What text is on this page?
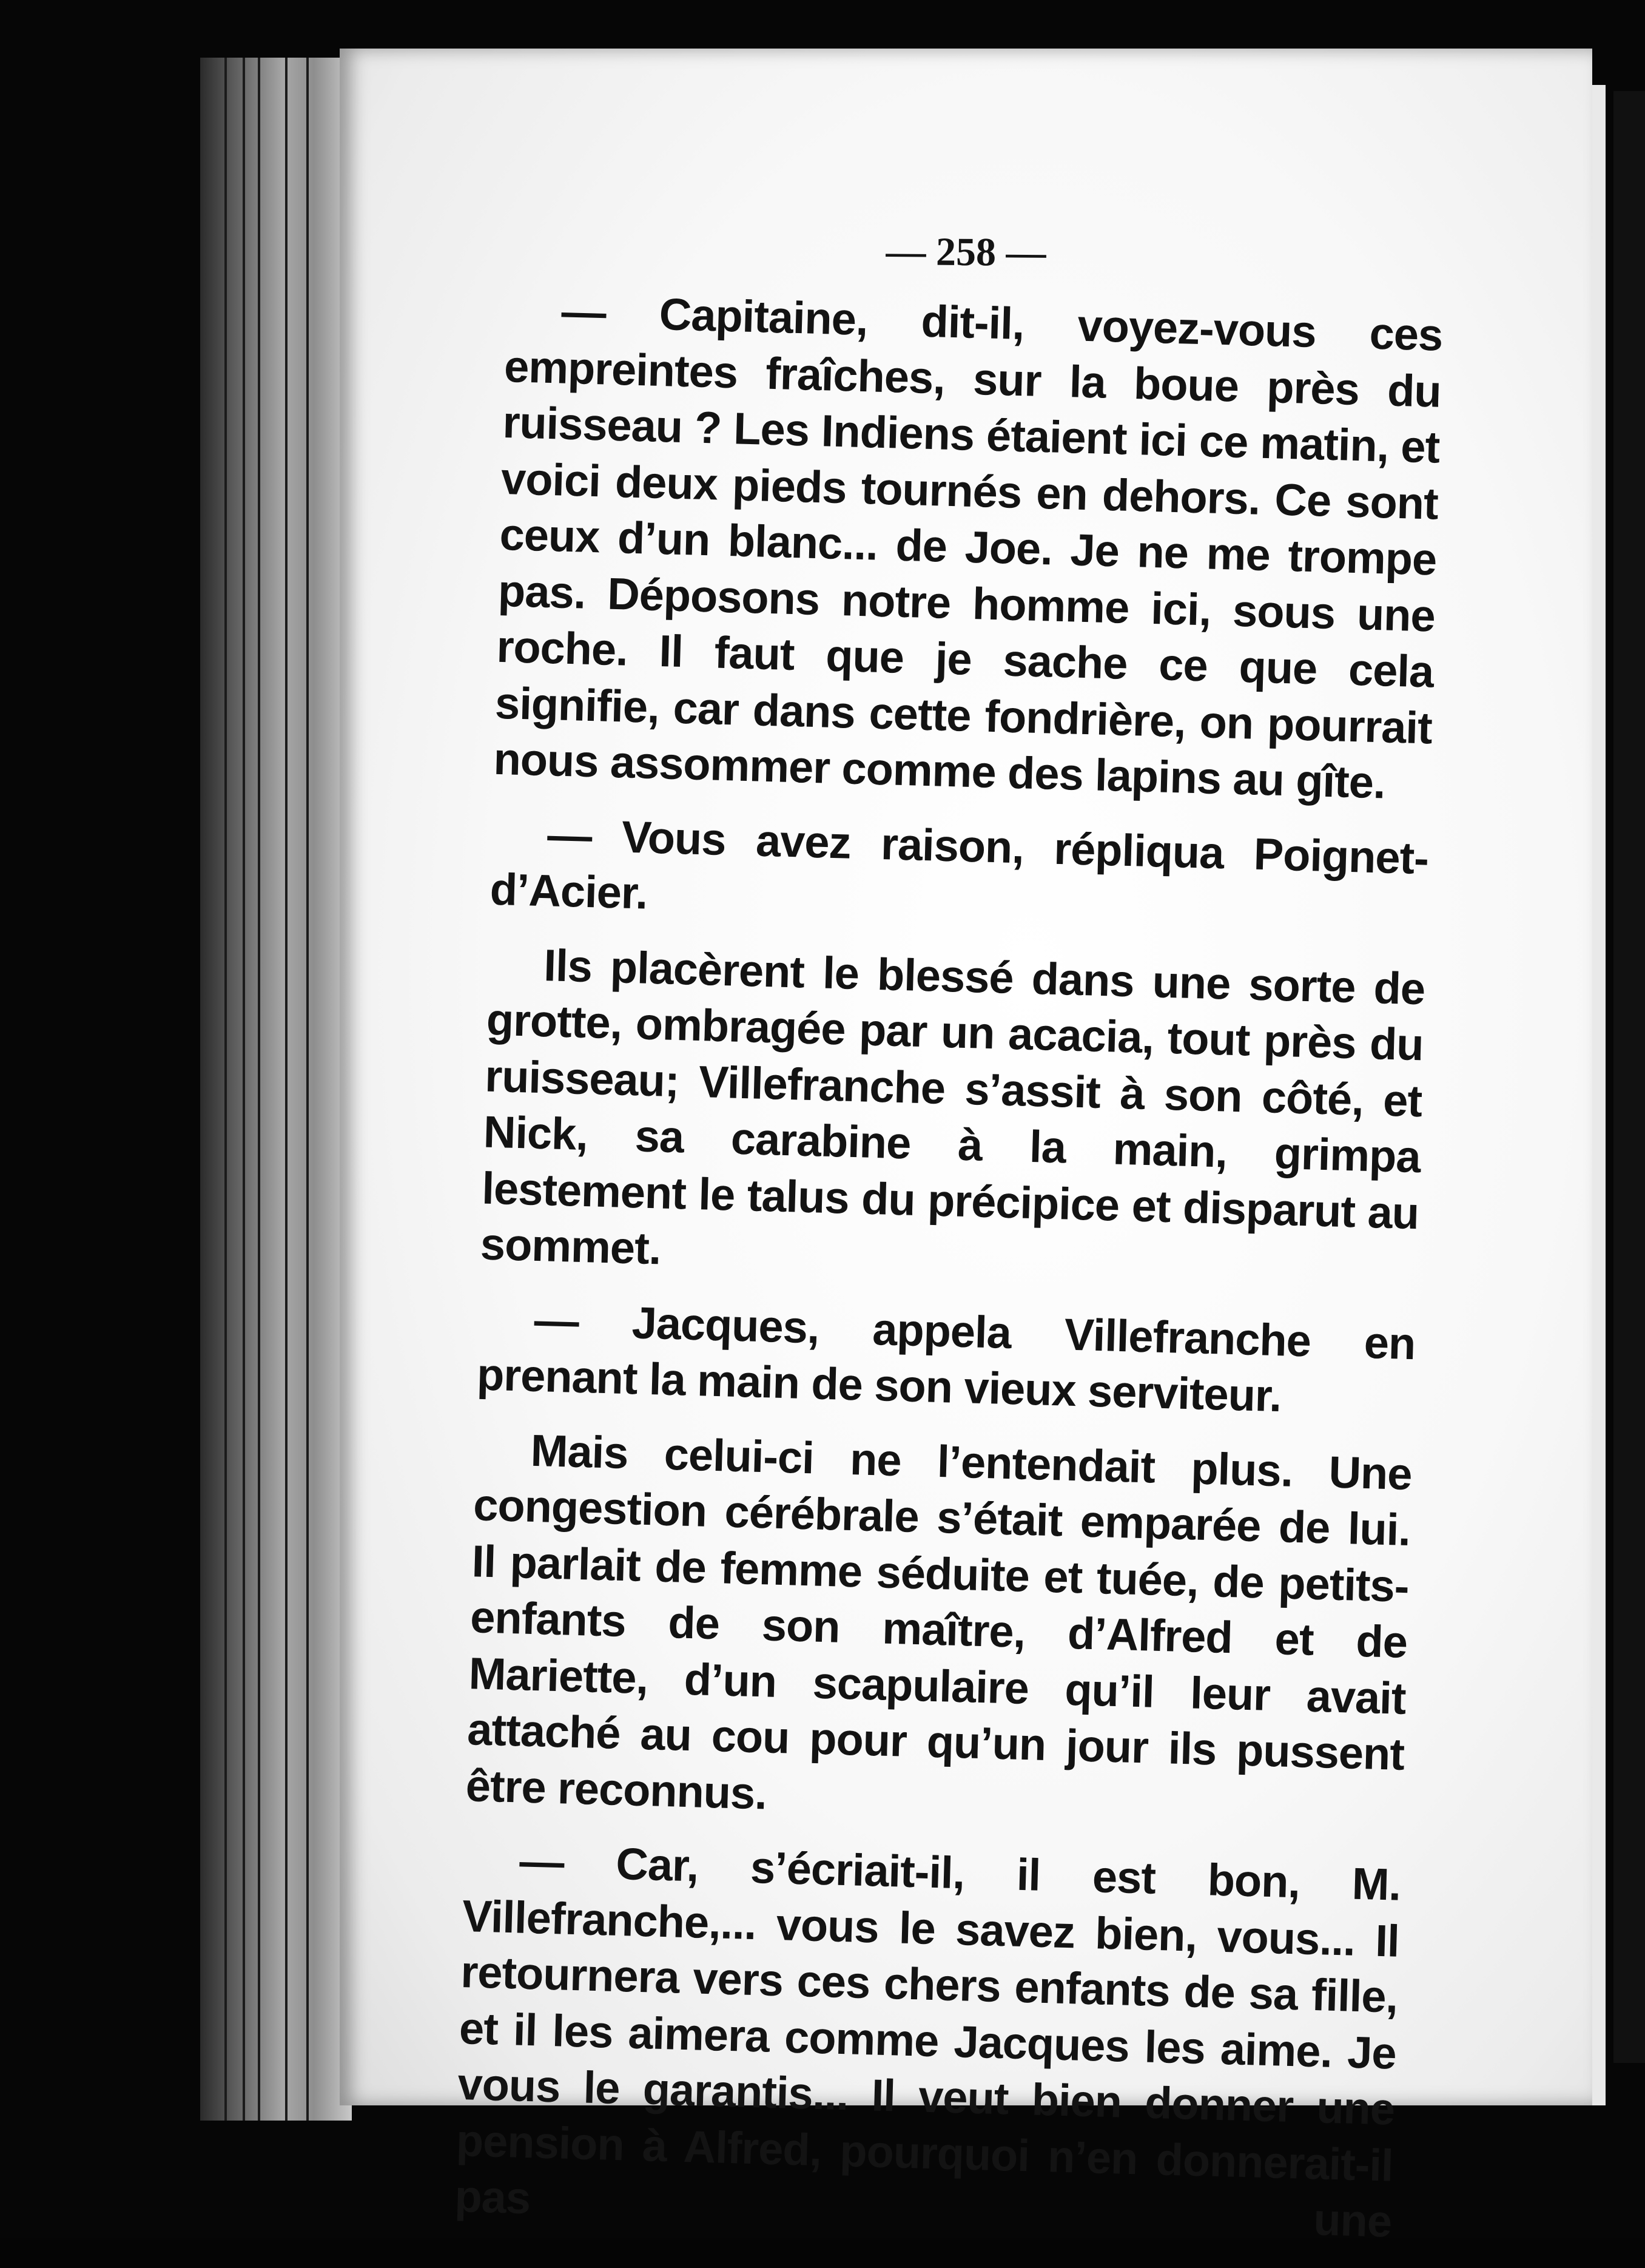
— 258 —

— Capitaine, dit-il, voyez-vous ces empreintes fraîches, sur la boue près du ruisseau ? Les Indiens étaient ici ce matin, et voici deux pieds tournés en dehors. Ce sont ceux d’un blanc... de Joe. Je ne me trompe pas. Déposons notre homme ici, sous une roche. Il faut que je sache ce que cela signifie, car dans cette fondrière, on pourrait nous assommer comme des lapins au gîte.

— Vous avez raison, répliqua Poignet-d’Acier.

Ils placèrent le blessé dans une sorte de grotte, ombragée par un acacia, tout près du ruisseau; Villefranche s’assit à son côté, et Nick, sa carabine à la main, grimpa lestement le talus du précipice et disparut au sommet.

— Jacques, appela Villefranche en prenant la main de son vieux serviteur.

Mais celui-ci ne l’entendait plus. Une congestion cérébrale s’était emparée de lui. Il parlait de femme séduite et tuée, de petits-enfants de son maître, d’Alfred et de Mariette, d’un scapulaire qu’il leur avait attaché au cou pour qu’un jour ils pussent être reconnus.

— Car, s’écriait-il, il est bon, M. Villefranche,... vous le savez bien, vous... Il retournera vers ces chers enfants de sa fille, et il les aimera comme Jacques les aime. Je vous le garantis... Il veut bien donner une pension à Alfred, pourquoi n’en donnerait-il pas une
